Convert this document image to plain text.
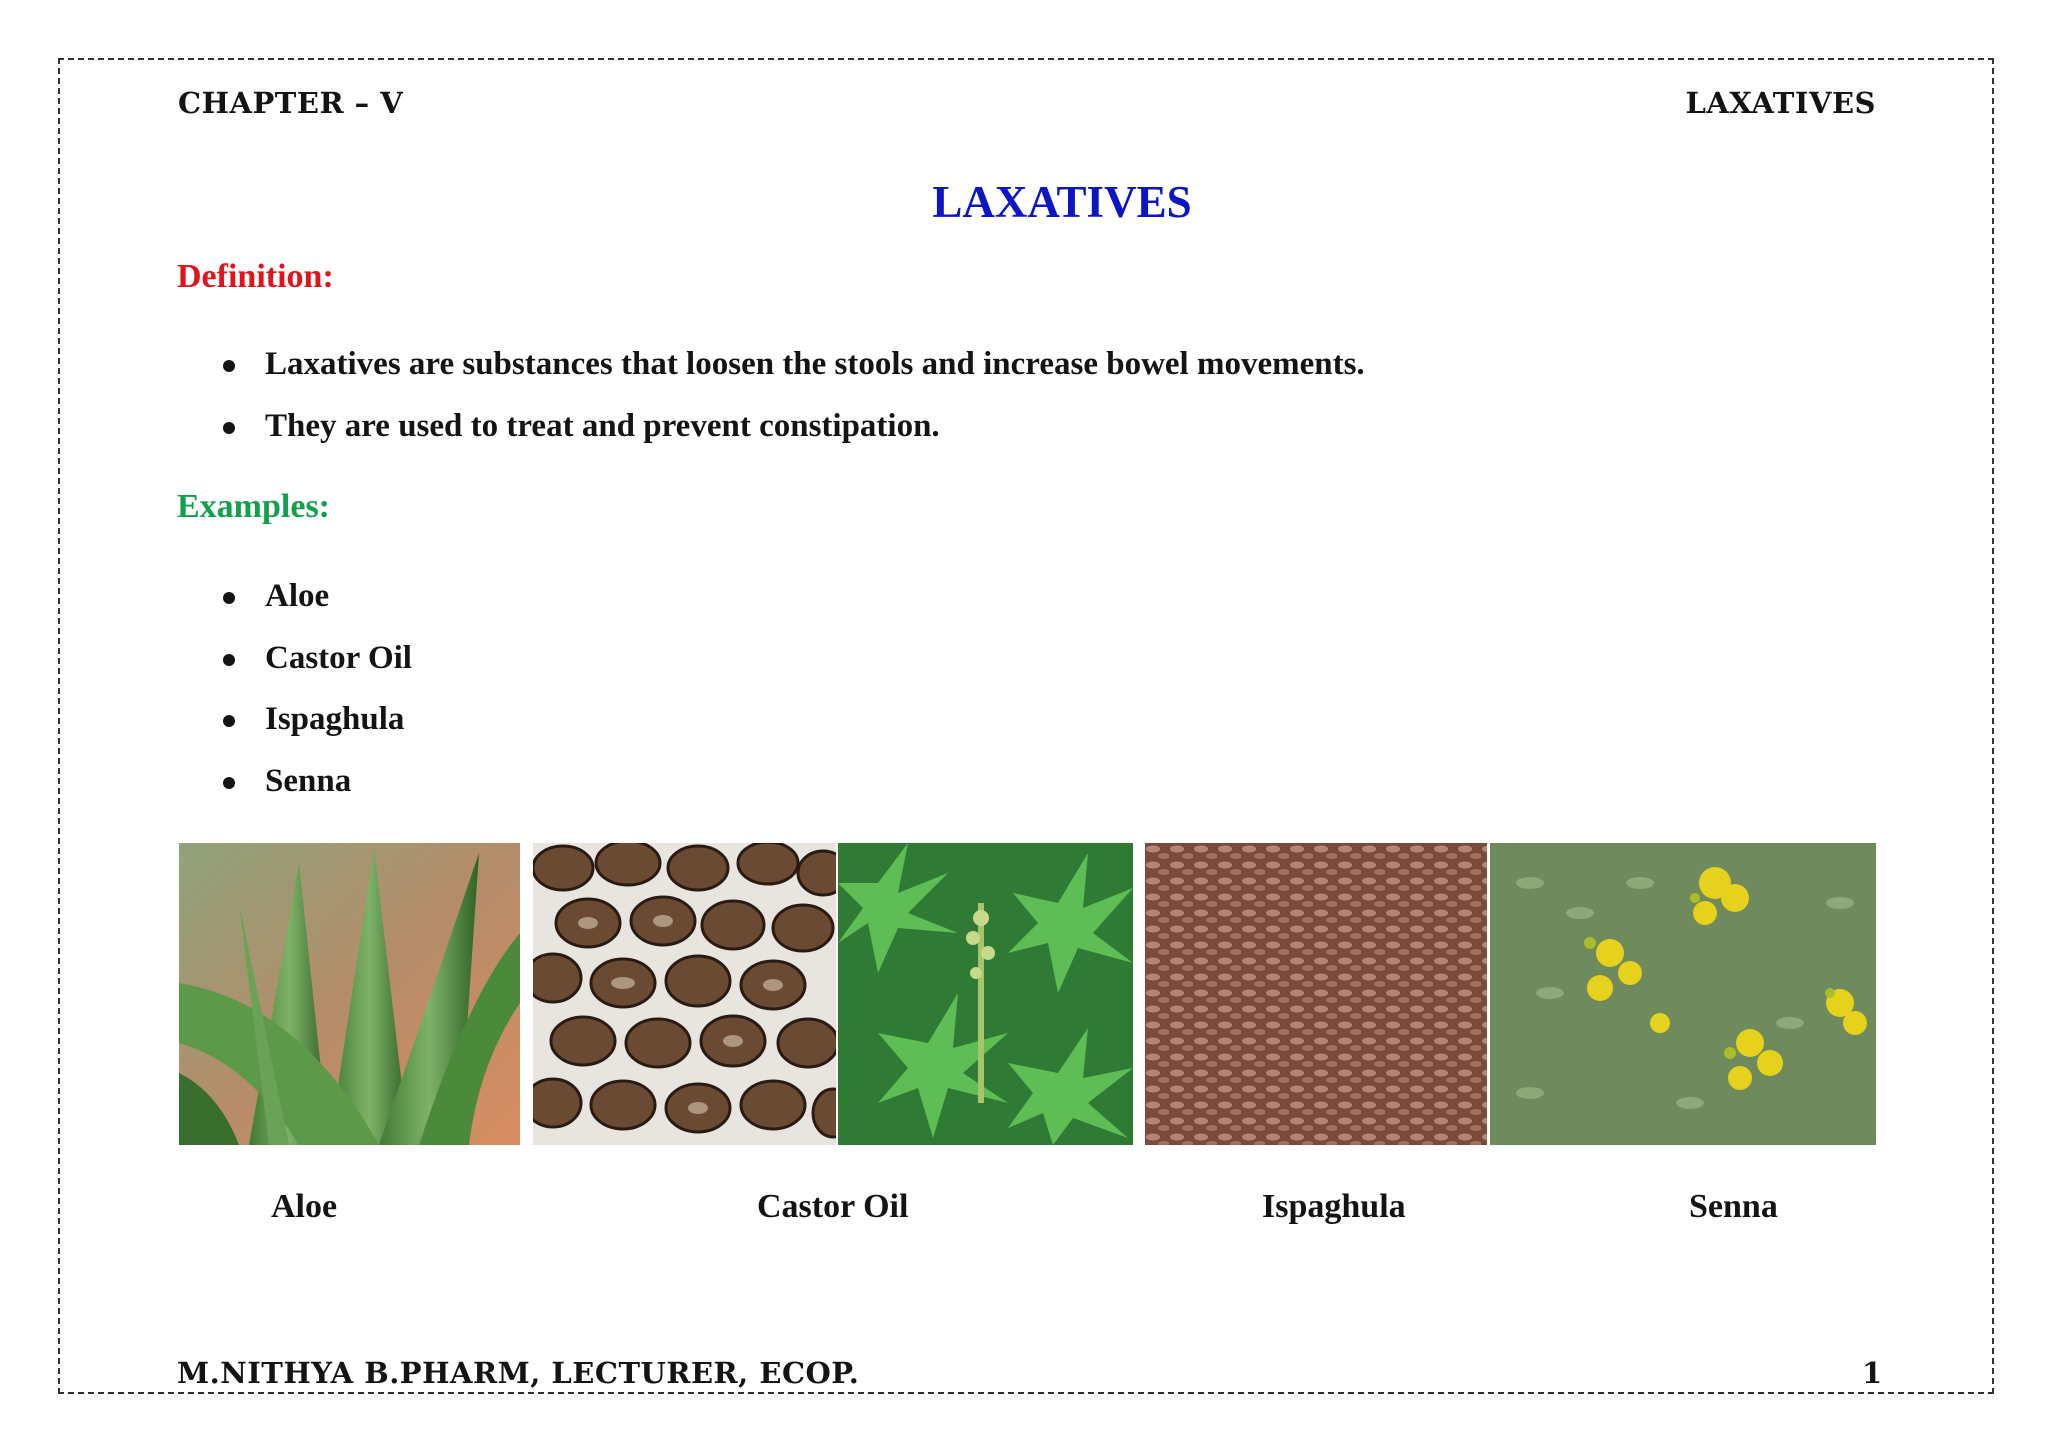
CHAPTER – V	LAXATIVES
LAXATIVES
Definition:
Laxatives are substances that loosen the stools and increase bowel movements.
They are used to treat and prevent constipation.
Examples:
Aloe
Castor Oil
Ispaghula
Senna
Aloe	Castor Oil	Ispaghula	Senna
M.NITHYA B.PHARM, LECTURER, ECOP.	1
